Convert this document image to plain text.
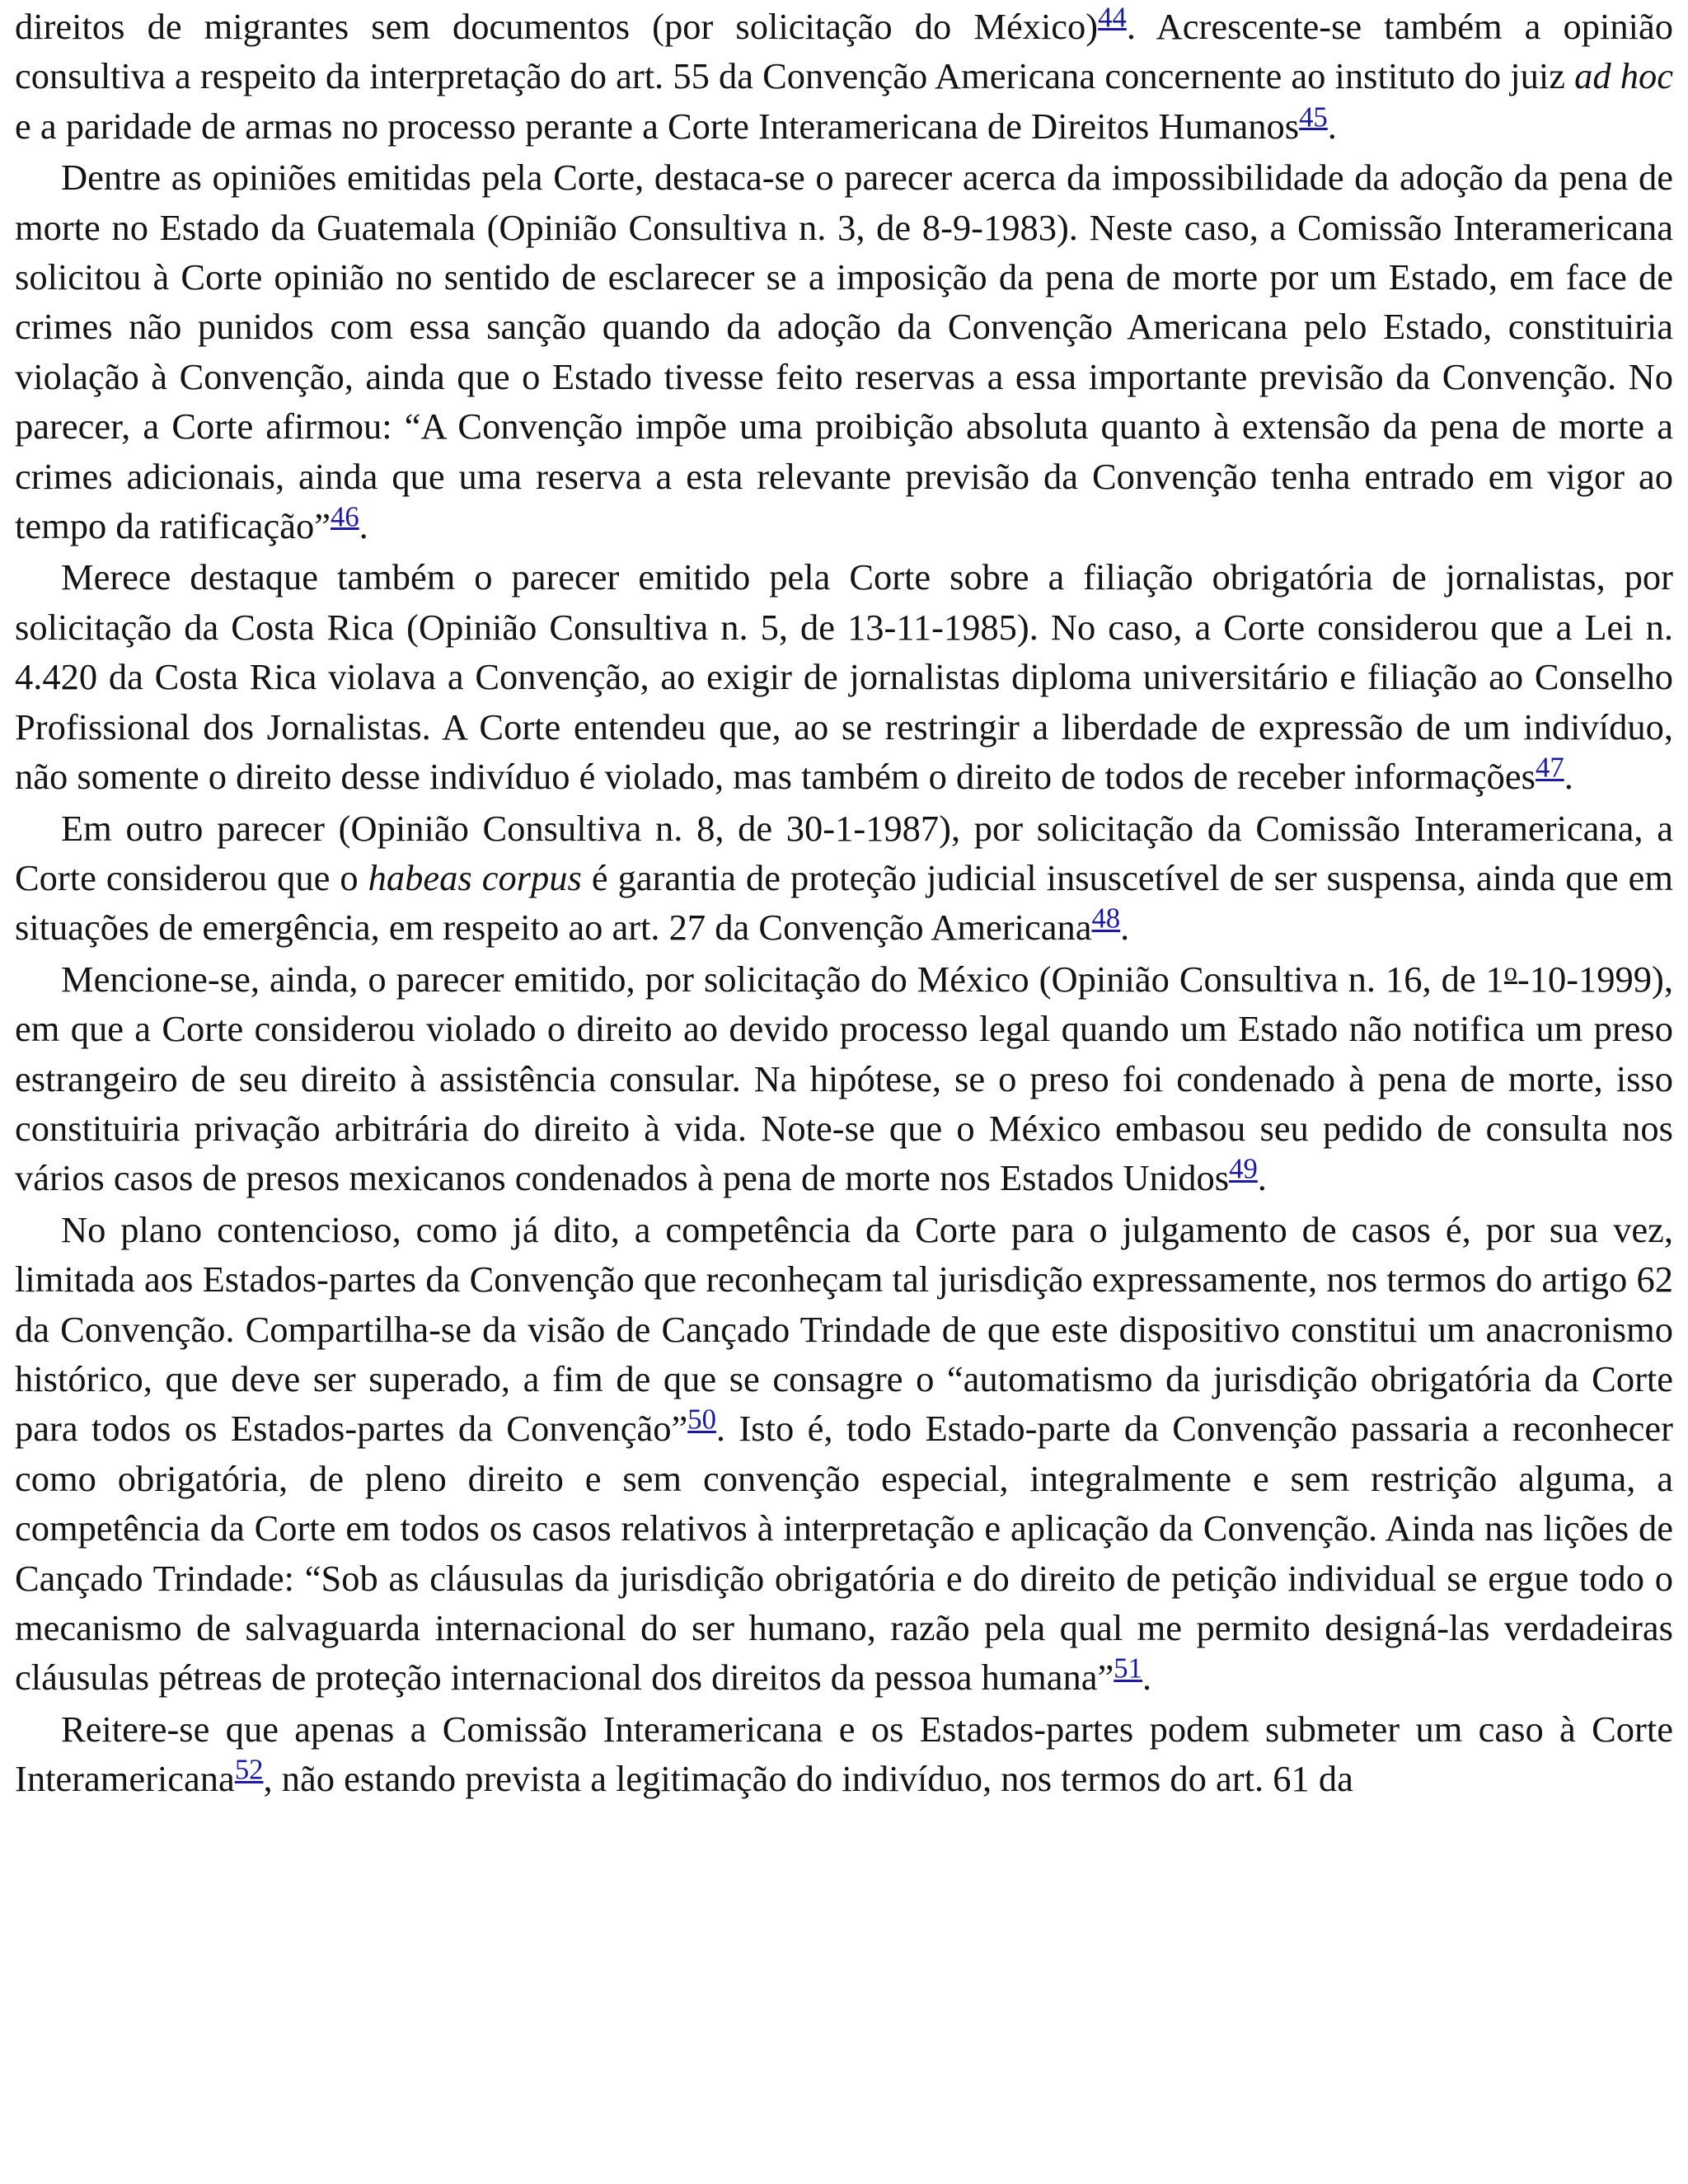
direitos de migrantes sem documentos (por solicitação do México)$^{44}$. Acrescente-se também a opinião consultiva a respeito da interpretação do art. 55 da Convenção Americana concernente ao instituto do juiz ad hoc e a paridade de armas no processo perante a Corte Interamericana de Direitos Humanos$^{45}$.

Dentre as opiniões emitidas pela Corte, destaca-se o parecer acerca da impossibilidade da adoção da pena de morte no Estado da Guatemala (Opinião Consultiva n. 3, de 8-9-1983). Neste caso, a Comissão Interamericana solicitou à Corte opinião no sentido de esclarecer se a imposição da pena de morte por um Estado, em face de crimes não punidos com essa sanção quando da adoção da Convenção Americana pelo Estado, constituiria violação à Convenção, ainda que o Estado tivesse feito reservas a essa importante previsão da Convenção. No parecer, a Corte afirmou: “A Convenção impõe uma proibição absoluta quanto à extensão da pena de morte a crimes adicionais, ainda que uma reserva a esta relevante previsão da Convenção tenha entrado em vigor ao tempo da ratificação”$^{46}$.

Merece destaque também o parecer emitido pela Corte sobre a filiação obrigatória de jornalistas, por solicitação da Costa Rica (Opinião Consultiva n. 5, de 13-11-1985). No caso, a Corte considerou que a Lei n. 4.420 da Costa Rica violava a Convenção, ao exigir de jornalistas diploma universitário e filiação ao Conselho Profissional dos Jornalistas. A Corte entendeu que, ao se restringir a liberdade de expressão de um indivíduo, não somente o direito desse indivíduo é violado, mas também o direito de todos de receber informações$^{47}$.

Em outro parecer (Opinião Consultiva n. 8, de 30-1-1987), por solicitação da Comissão Interamericana, a Corte considerou que o habeas corpus é garantia de proteção judicial insuscetível de ser suspensa, ainda que em situações de emergência, em respeito ao art. 27 da Convenção Americana$^{48}$.

Mencione-se, ainda, o parecer emitido, por solicitação do México (Opinião Consultiva n. 16, de 1$^o$-10-1999), em que a Corte considerou violado o direito ao devido processo legal quando um Estado não notifica um preso estrangeiro de seu direito à assistência consular. Na hipótese, se o preso foi condenado à pena de morte, isso constituiria privação arbitrária do direito à vida. Note-se que o México embasou seu pedido de consulta nos vários casos de presos mexicanos condenados à pena de morte nos Estados Unidos$^{49}$.

No plano contencioso, como já dito, a competência da Corte para o julgamento de casos é, por sua vez, limitada aos Estados-partes da Convenção que reconheçam tal jurisdição expressamente, nos termos do artigo 62 da Convenção. Compartilha-se da visão de Cançado Trindade de que este dispositivo constitui um anacronismo histórico, que deve ser superado, a fim de que se consagre o “automatismo da jurisdição obrigatória da Corte para todos os Estados-partes da Convenção”$^{50}$. Isto é, todo Estado-parte da Convenção passaria a reconhecer como obrigatória, de pleno direito e sem convenção especial, integralmente e sem restrição alguma, a competência da Corte em todos os casos relativos à interpretação e aplicação da Convenção. Ainda nas lições de Cançado Trindade: “Sob as cláusulas da jurisdição obrigatória e do direito de petição individual se ergue todo o mecanismo de salvaguarda internacional do ser humano, razão pela qual me permito designá-las verdadeiras cláusulas pétreas de proteção internacional dos direitos da pessoa humana”$^{51}$.

Reitere-se que apenas a Comissão Interamericana e os Estados-partes podem submeter um caso à Corte Interamericana$^{52}$, não estando prevista a legitimação do indivíduo, nos termos do art. 61 da
